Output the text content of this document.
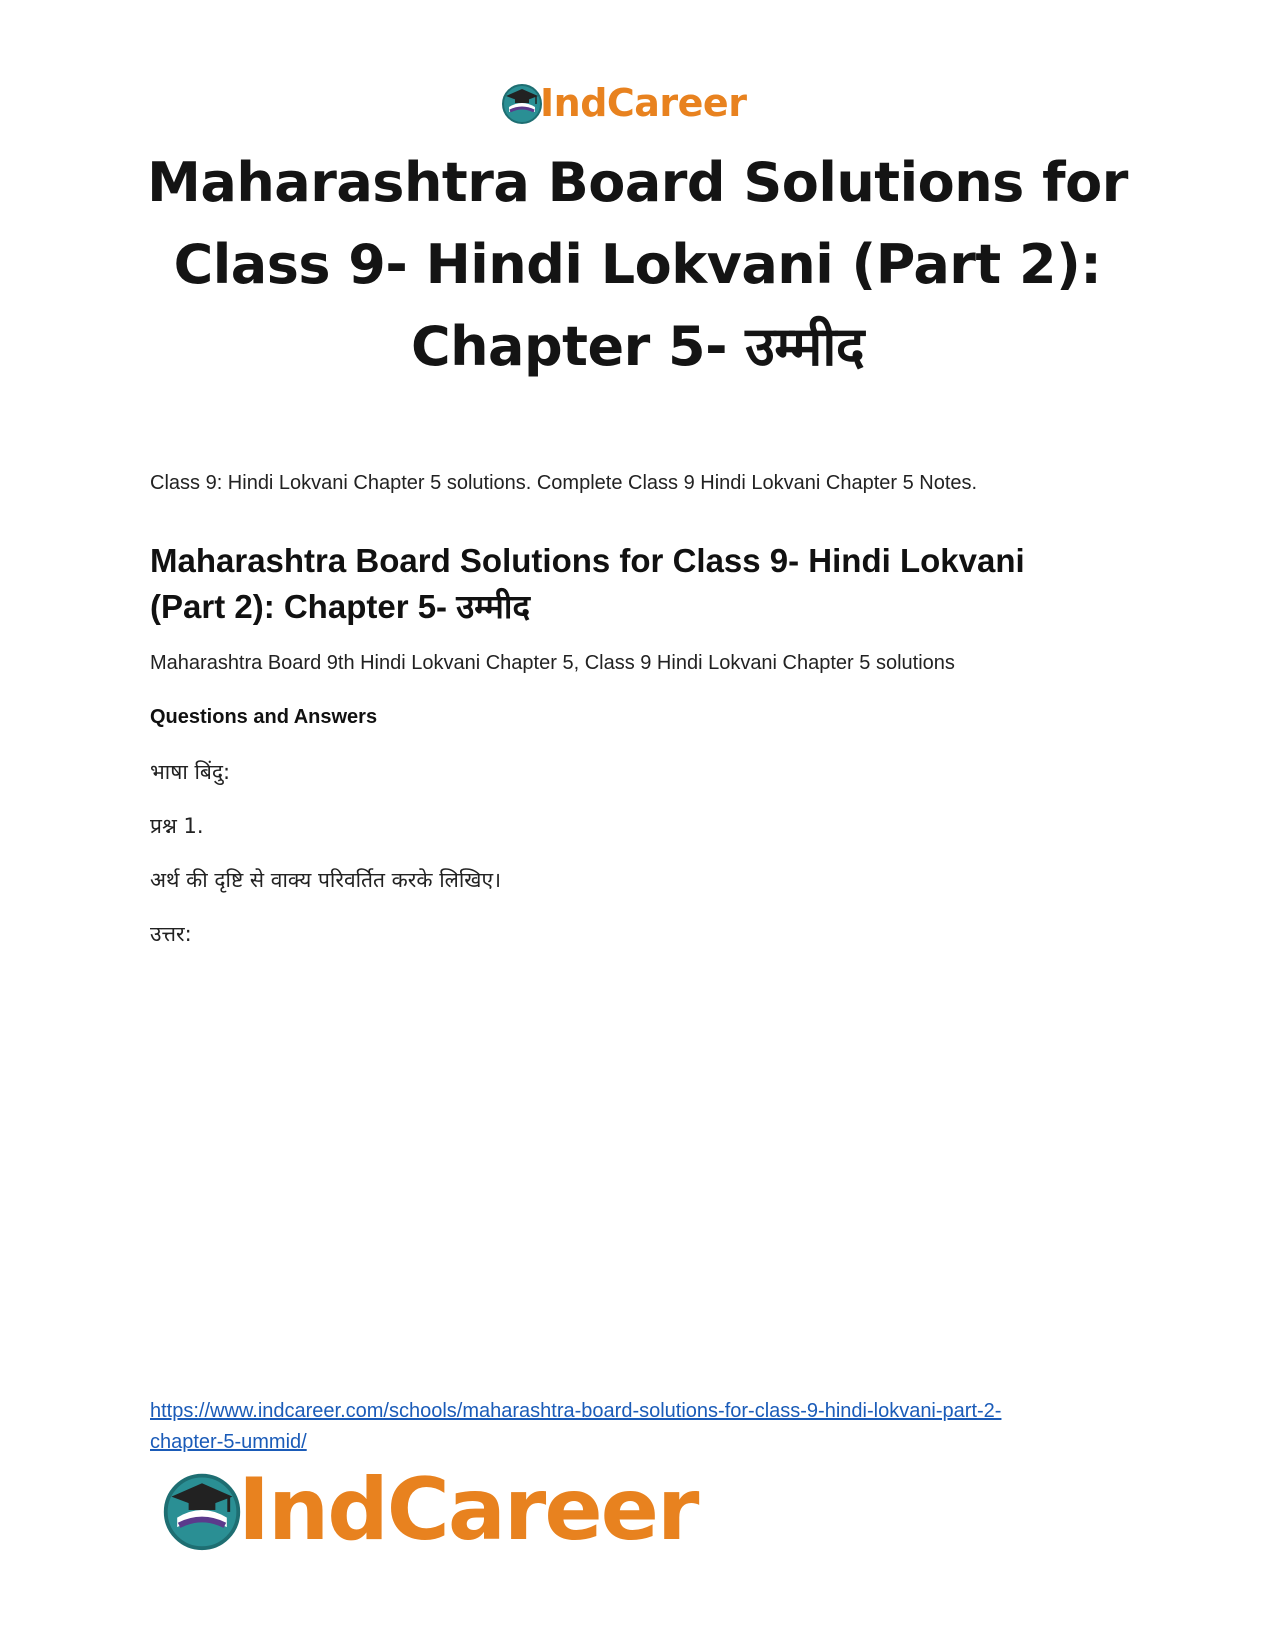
IndCareer
Maharashtra Board Solutions for
Class 9- Hindi Lokvani (Part 2):
Chapter 5- उम्मीद

Class 9: Hindi Lokvani Chapter 5 solutions. Complete Class 9 Hindi Lokvani Chapter 5 Notes.

Maharashtra Board Solutions for Class 9- Hindi Lokvani
(Part 2): Chapter 5- उम्मीद

Maharashtra Board 9th Hindi Lokvani Chapter 5, Class 9 Hindi Lokvani Chapter 5 solutions

Questions and Answers

भाषा बिंदु:

प्रश्न 1.

अर्थ की दृष्टि से वाक्य परिवर्तित करके लिखिए।

उत्तर:

https://www.indcareer.com/schools/maharashtra-board-solutions-for-class-9-hindi-lokvani-part-2-
chapter-5-ummid/
IndCareer
